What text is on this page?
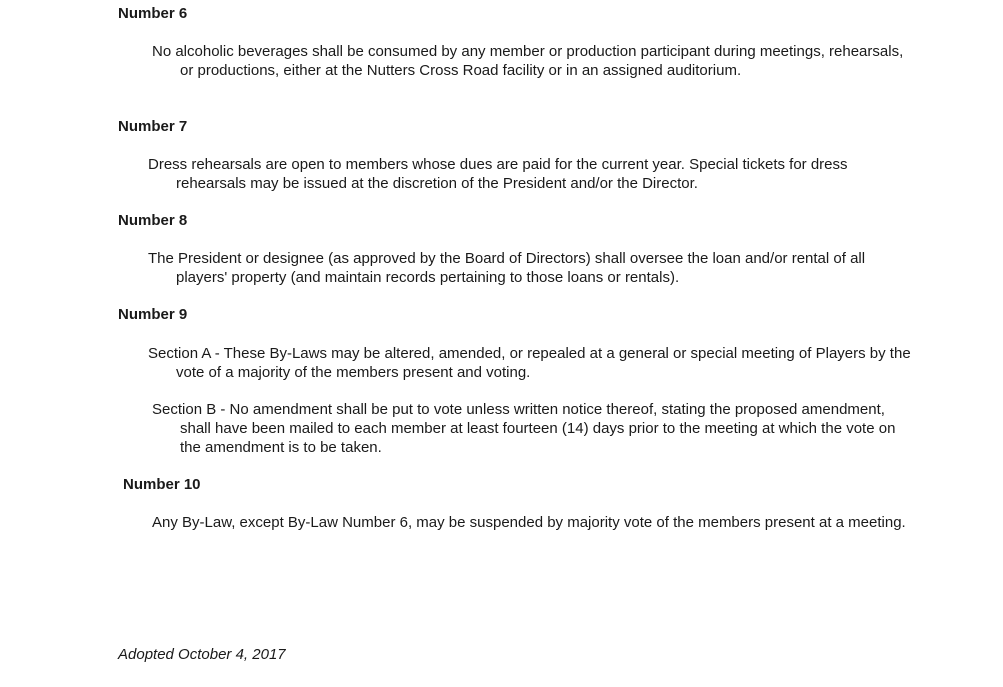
Number 6
No alcoholic beverages shall be consumed by any member or production participant during meetings, rehearsals, or productions, either at the Nutters Cross Road facility or in an assigned auditorium.
Number 7
Dress rehearsals are open to members whose dues are paid for the current year. Special tickets for dress rehearsals may be issued at the discretion of the President and/or the Director.
Number 8
The President or designee (as approved by the Board of Directors) shall oversee the loan and/or rental of all players' property (and maintain records pertaining to those loans or rentals).
Number 9
Section A - These By-Laws may be altered, amended, or repealed at a general or special meeting of Players by the vote of a majority of the members present and voting.
Section B - No amendment shall be put to vote unless written notice thereof, stating the proposed amendment, shall have been mailed to each member at least fourteen (14) days prior to the meeting at which the vote on the amendment is to be taken.
Number 10
Any By-Law, except By-Law Number 6, may be suspended by majority vote of the members present at a meeting.
Adopted October 4, 2017
